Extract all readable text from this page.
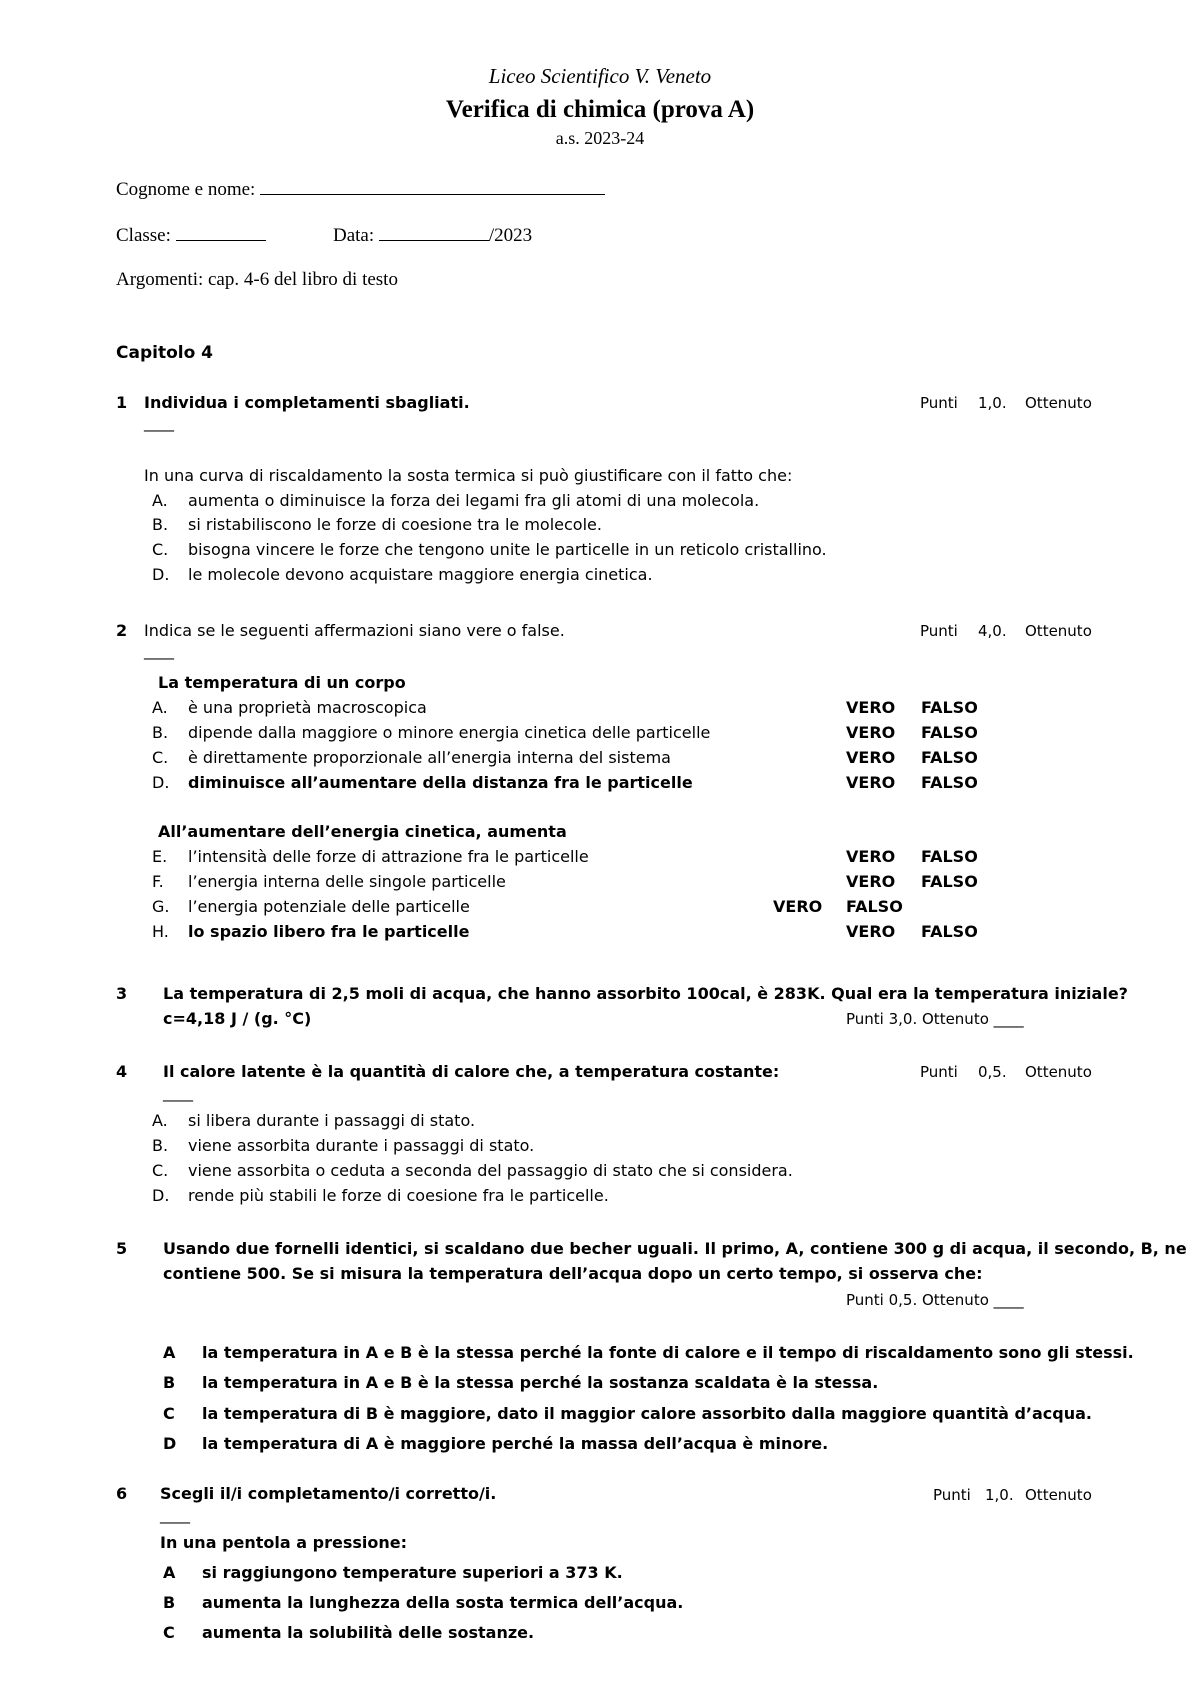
Liceo Scientifico V. Veneto
Verifica di chimica (prova A)
a.s. 2023-24
Cognome e nome:
Classe:	Data:	/2023
Argomenti: cap. 4-6 del libro di testo
Capitolo 4
1 Individua i completamenti sbagliati.	Punti 1,0. Ottenuto
____
In una curva di riscaldamento la sosta termica si può giustificare con il fatto che:
A. aumenta o diminuisce la forza dei legami fra gli atomi di una molecola.
B. si ristabiliscono le forze di coesione tra le molecole.
C. bisogna vincere le forze che tengono unite le particelle in un reticolo cristallino.
D. le molecole devono acquistare maggiore energia cinetica.
2 Indica se le seguenti affermazioni siano vere o false.	Punti 4,0. Ottenuto
____
La temperatura di un corpo
A. è una proprietà macroscopica	VERO FALSO
B. dipende dalla maggiore o minore energia cinetica delle particelle	VERO FALSO
C. è direttamente proporzionale all’energia interna del sistema	VERO FALSO
D. diminuisce all’aumentare della distanza fra le particelle	VERO FALSO
All’aumentare dell’energia cinetica, aumenta
E. l’intensità delle forze di attrazione fra le particelle	VERO FALSO
F. l’energia interna delle singole particelle	VERO FALSO
G. l’energia potenziale delle particelle	VERO FALSO
H. lo spazio libero fra le particelle	VERO FALSO
3 La temperatura di 2,5 moli di acqua, che hanno assorbito 100cal, è 283K. Qual era la temperatura iniziale?
c=4,18 J / (g. °C)	Punti 3,0. Ottenuto ____
4 Il calore latente è la quantità di calore che, a temperatura costante:	Punti 0,5. Ottenuto
____
A. si libera durante i passaggi di stato.
B. viene assorbita durante i passaggi di stato.
C. viene assorbita o ceduta a seconda del passaggio di stato che si considera.
D. rende più stabili le forze di coesione fra le particelle.
5 Usando due fornelli identici, si scaldano due becher uguali. Il primo, A, contiene 300 g di acqua, il secondo, B, ne
contiene 500. Se si misura la temperatura dell’acqua dopo un certo tempo, si osserva che:
Punti 0,5. Ottenuto ____
A la temperatura in A e B è la stessa perché la fonte di calore e il tempo di riscaldamento sono gli stessi.
B la temperatura in A e B è la stessa perché la sostanza scaldata è la stessa.
C la temperatura di B è maggiore, dato il maggior calore assorbito dalla maggiore quantità d’acqua.
D la temperatura di A è maggiore perché la massa dell’acqua è minore.
6 Scegli il/i completamento/i corretto/i.	Punti 1,0. Ottenuto
____
In una pentola a pressione:
A si raggiungono temperature superiori a 373 K.
B aumenta la lunghezza della sosta termica dell’acqua.
C aumenta la solubilità delle sostanze.
